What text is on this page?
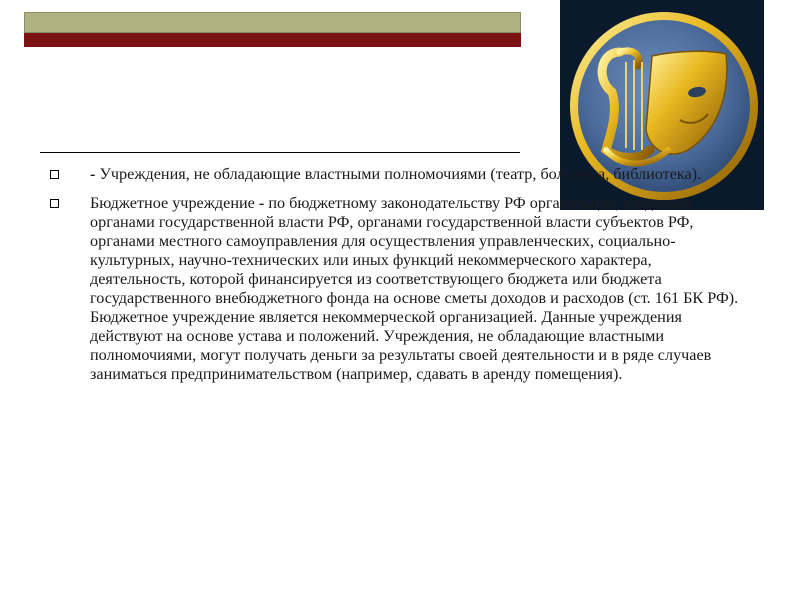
- Учреждения, не обладающие властными полномочиями (театр, больница, библиотека).
Бюджетное учреждение - по бюджетному законодательству РФ организация, созданная органами государственной власти РФ, органами государственной власти субъектов РФ, органами местного самоуправления для осуществления управленческих, социально-культурных, научно-технических или иных функций некоммерческого характера, деятельность, которой финансируется из соответствующего бюджета или бюджета государственного внебюджетного фонда на основе сметы доходов и расходов (ст. 161 БК РФ). Бюджетное учреждение является некоммерческой организацией. Данные учреждения действуют на основе устава и положений. Учреждения, не обладающие властными полномочиями, могут получать деньги за результаты своей деятельности и в ряде случаев заниматься предпринимательством (например, сдавать в аренду помещения).
